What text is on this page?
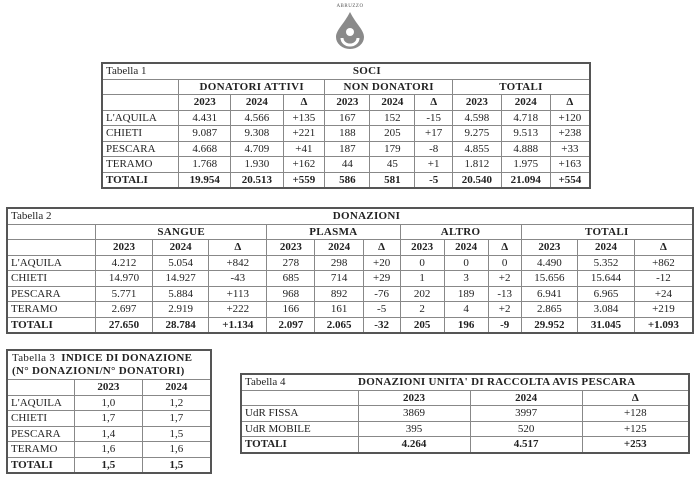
ABRUZZO
Tabella 1				SOCI					
	DONATORI ATTIVI			NON DONATORI			TOTALI		
	2023	2024	Δ	2023	2024	Δ	2023	2024	Δ
L'AQUILA	4.431	4.566	+135	167	152	-15	4.598	4.718	+120
CHIETI	9.087	9.308	+221	188	205	+17	9.275	9.513	+238
PESCARA	4.668	4.709	+41	187	179	-8	4.855	4.888	+33
TERAMO	1.768	1.930	+162	44	45	+1	1.812	1.975	+163
TOTALI	19.954	20.513	+559	586	581	-5	20.540	21.094	+554
Tabella 2				DONAZIONI								
	SANGUE			PLASMA			ALTRO			TOTALI		
	2023	2024	Δ	2023	2024	Δ	2023	2024	Δ	2023	2024	Δ
L'AQUILA	4.212	5.054	+842	278	298	+20	0	0	0	4.490	5.352	+862
CHIETI	14.970	14.927	-43	685	714	+29	1	3	+2	15.656	15.644	-12
PESCARA	5.771	5.884	+113	968	892	-76	202	189	-13	6.941	6.965	+24
TERAMO	2.697	2.919	+222	166	161	-5	2	4	+2	2.865	3.084	+219
TOTALI	27.650	28.784	+1.134	2.097	2.065	-32	205	196	-9	29.952	31.045	+1.093
Tabella 3 INDICE DI DONAZIONE
(N° DONAZIONI/N° DONATORI)		
	2023	2024
L'AQUILA	1,0	1,2
CHIETI	1,7	1,7
PESCARA	1,4	1,5
TERAMO	1,6	1,6
TOTALI	1,5	1,5
Tabella 4	DONAZIONI UNITA' DI RACCOLTA AVIS PESCARA		
	2023	2024	Δ
UdR FISSA	3869	3997	+128
UdR MOBILE	395	520	+125
TOTALI	4.264	4.517	+253
